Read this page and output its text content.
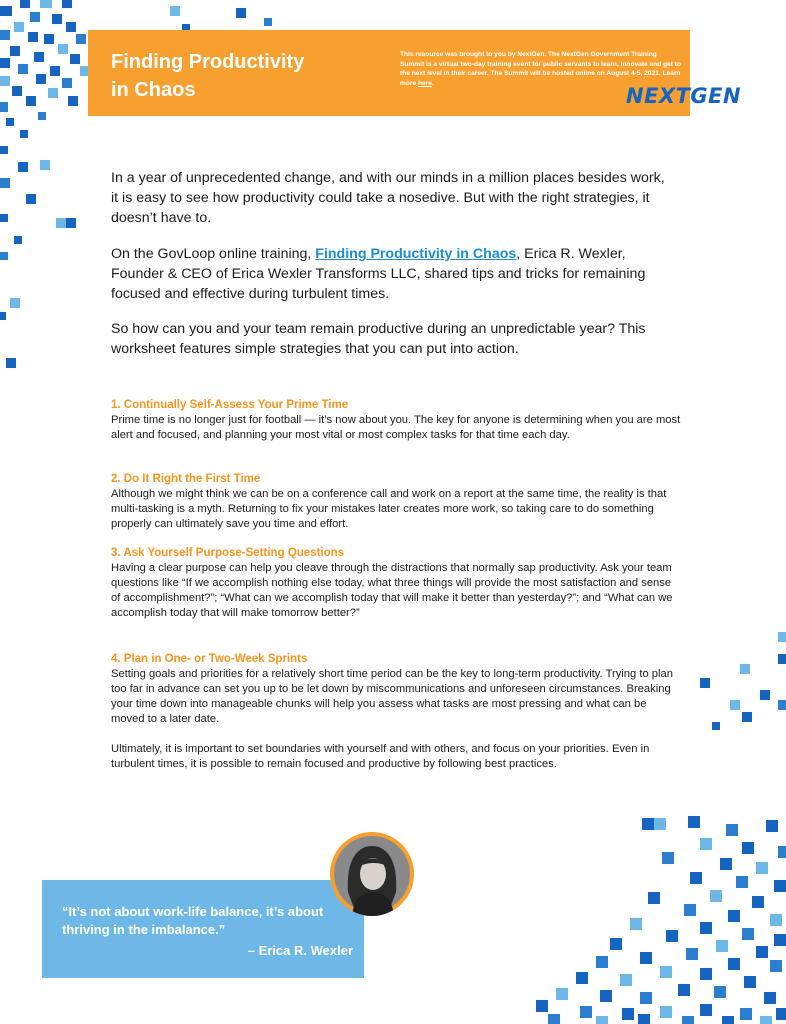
Finding Productivity
in Chaos
This resource was brought to you by NextGen. The NextGen Government Training Summit is a virtual two-day training event for public servants to learn, innovate and get to the next level in their career. The Summit will be hosted online on August 4-5, 2021. Learn more here.
NEXTGEN

In a year of unprecedented change, and with our minds in a million places besides work, it is easy to see how productivity could take a nosedive. But with the right strategies, it doesn’t have to.

On the GovLoop online training, Finding Productivity in Chaos, Erica R. Wexler, Founder & CEO of Erica Wexler Transforms LLC, shared tips and tricks for remaining focused and effective during turbulent times.

So how can you and your team remain productive during an unpredictable year? This worksheet features simple strategies that you can put into action.

1. Continually Self-Assess Your Prime Time

Prime time is no longer just for football — it’s now about you. The key for anyone is determining when you are most alert and focused, and planning your most vital or most complex tasks for that time each day.

2. Do It Right the First Time

Although we might think we can be on a conference call and work on a report at the same time, the reality is that multi-tasking is a myth. Returning to fix your mistakes later creates more work, so taking care to do something properly can ultimately save you time and effort.

3. Ask Yourself Purpose-Setting Questions

Having a clear purpose can help you cleave through the distractions that normally sap productivity. Ask your team questions like “If we accomplish nothing else today, what three things will provide the most satisfaction and sense of accomplishment?”; “What can we accomplish today that will make it better than yesterday?”; and “What can we accomplish today that will make tomorrow better?”

4. Plan in One- or Two-Week Sprints

Setting goals and priorities for a relatively short time period can be the key to long-term productivity. Trying to plan too far in advance can set you up to be let down by miscommunications and unforeseen circumstances. Breaking your time down into manageable chunks will help you assess what tasks are most pressing and what can be moved to a later date.

Ultimately, it is important to set boundaries with yourself and with others, and focus on your priorities. Even in turbulent times, it is possible to remain focused and productive by following best practices.

“It’s not about work-life balance, it’s about thriving in the imbalance.”
– Erica R. Wexler
